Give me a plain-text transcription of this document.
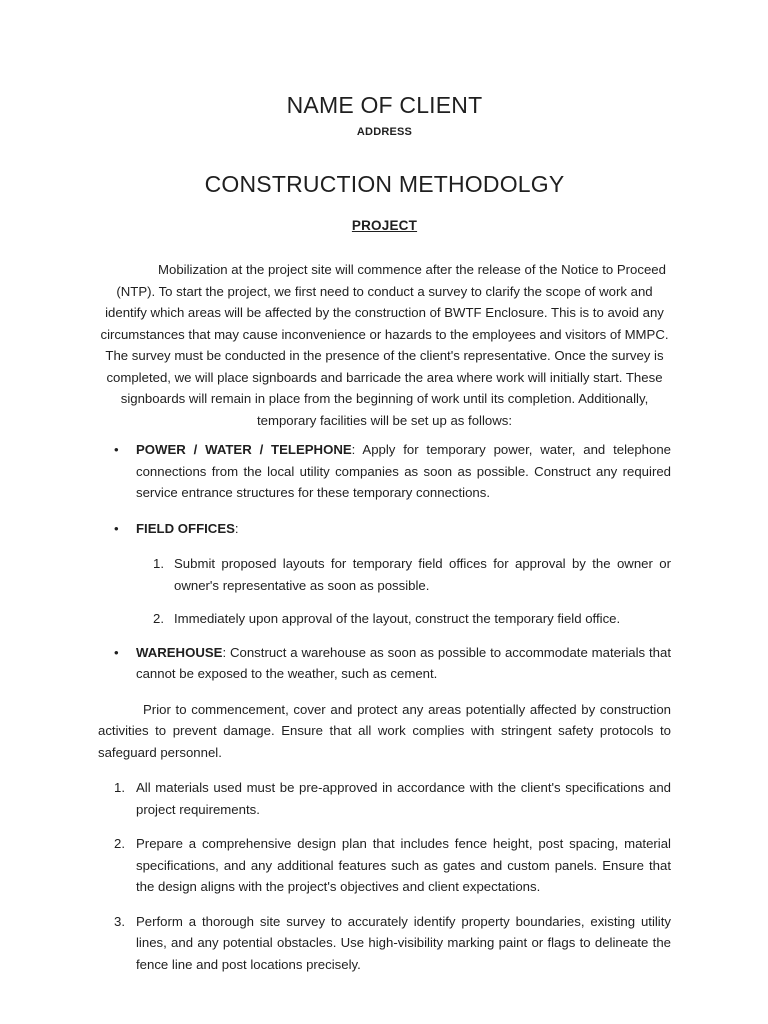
NAME OF CLIENT
ADDRESS
CONSTRUCTION METHODOLGY
PROJECT

Mobilization at the project site will commence after the release of the Notice to Proceed (NTP). To start the project, we first need to conduct a survey to clarify the scope of work and identify which areas will be affected by the construction of BWTF Enclosure. This is to avoid any circumstances that may cause inconvenience or hazards to the employees and visitors of MMPC. The survey must be conducted in the presence of the client's representative. Once the survey is completed, we will place signboards and barricade the area where work will initially start. These signboards will remain in place from the beginning of work until its completion. Additionally, temporary facilities will be set up as follows:

• POWER / WATER / TELEPHONE: Apply for temporary power, water, and telephone connections from the local utility companies as soon as possible. Construct any required service entrance structures for these temporary connections.
• FIELD OFFICES:
1. Submit proposed layouts for temporary field offices for approval by the owner or owner's representative as soon as possible.
2. Immediately upon approval of the layout, construct the temporary field office.
• WAREHOUSE: Construct a warehouse as soon as possible to accommodate materials that cannot be exposed to the weather, such as cement.

Prior to commencement, cover and protect any areas potentially affected by construction activities to prevent damage. Ensure that all work complies with stringent safety protocols to safeguard personnel.

1. All materials used must be pre-approved in accordance with the client's specifications and project requirements.
2. Prepare a comprehensive design plan that includes fence height, post spacing, material specifications, and any additional features such as gates and custom panels. Ensure that the design aligns with the project's objectives and client expectations.
3. Perform a thorough site survey to accurately identify property boundaries, existing utility lines, and any potential obstacles. Use high-visibility marking paint or flags to delineate the fence line and post locations precisely.
